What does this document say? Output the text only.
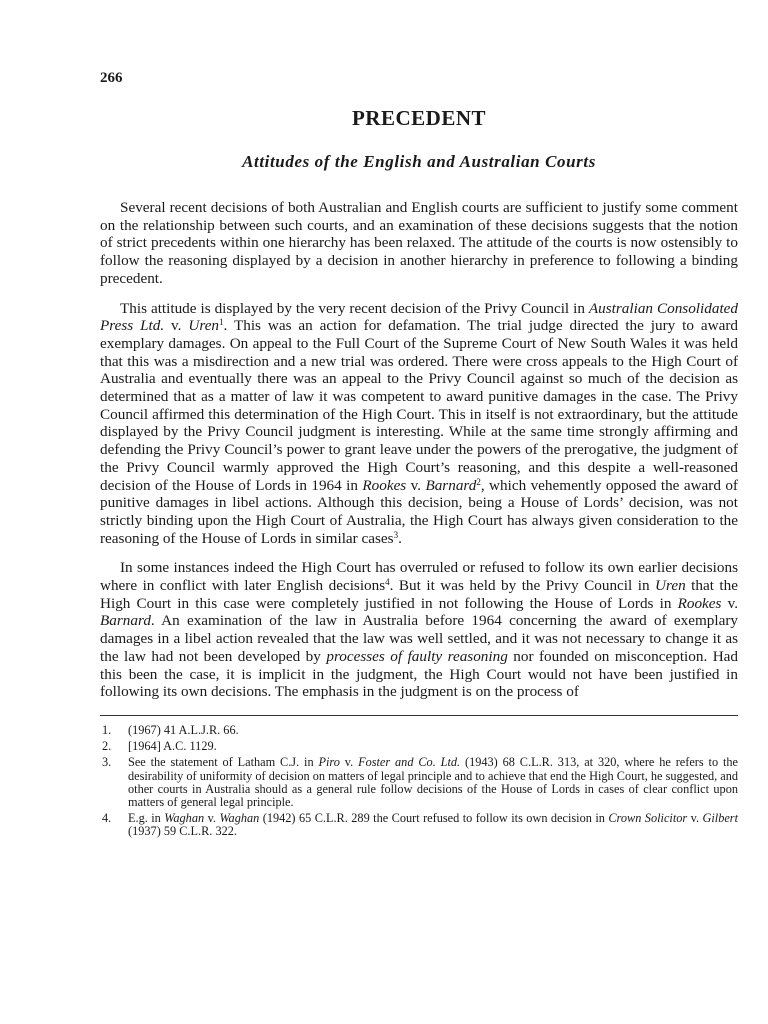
266
PRECEDENT
Attitudes of the English and Australian Courts

Several recent decisions of both Australian and English courts are sufficient to justify some comment on the relationship between such courts, and an examination of these decisions suggests that the notion of strict precedents within one hierarchy has been relaxed. The attitude of the courts is now ostensibly to follow the reasoning displayed by a decision in another hierarchy in preference to following a binding precedent.

This attitude is displayed by the very recent decision of the Privy Council in Australian Consolidated Press Ltd. v. Uren$^1$. This was an action for defamation. The trial judge directed the jury to award exemplary damages. On appeal to the Full Court of the Supreme Court of New South Wales it was held that this was a misdirection and a new trial was ordered. There were cross appeals to the High Court of Australia and eventually there was an appeal to the Privy Council against so much of the decision as determined that as a matter of law it was competent to award punitive damages in the case. The Privy Council affirmed this determination of the High Court. This in itself is not extraordinary, but the attitude displayed by the Privy Council judgment is interesting. While at the same time strongly affirming and defending the Privy Council’s power to grant leave under the powers of the prerogative, the judgment of the Privy Council warmly approved the High Court’s reasoning, and this despite a well-reasoned decision of the House of Lords in 1964 in Rookes v. Barnard$^2$, which vehemently opposed the award of punitive damages in libel actions. Although this decision, being a House of Lords’ decision, was not strictly binding upon the High Court of Australia, the High Court has always given consideration to the reasoning of the House of Lords in similar cases$^3$.

In some instances indeed the High Court has overruled or refused to follow its own earlier decisions where in conflict with later English decisions$^4$. But it was held by the Privy Council in Uren that the High Court in this case were completely justified in not following the House of Lords in Rookes v. Barnard. An examination of the law in Australia before 1964 concerning the award of exemplary damages in a libel action revealed that the law was well settled, and it was not necessary to change it as the law had not been developed by processes of faulty reasoning nor founded on misconception. Had this been the case, it is implicit in the judgment, the High Court would not have been justified in following its own decisions. The emphasis in the judgment is on the process of

1.	(1967) 41 A.L.J.R. 66.
2.	[1964] A.C. 1129.
3.	See the statement of Latham C.J. in Piro v. Foster and Co. Ltd. (1943) 68 C.L.R. 313, at 320, where he refers to the desirability of uniformity of decision on matters of legal principle and to achieve that end the High Court, he suggested, and other courts in Australia should as a general rule follow decisions of the House of Lords in cases of clear conflict upon matters of general legal principle.
4.	E.g. in Waghan v. Waghan (1942) 65 C.L.R. 289 the Court refused to follow its own decision in Crown Solicitor v. Gilbert (1937) 59 C.L.R. 322.
